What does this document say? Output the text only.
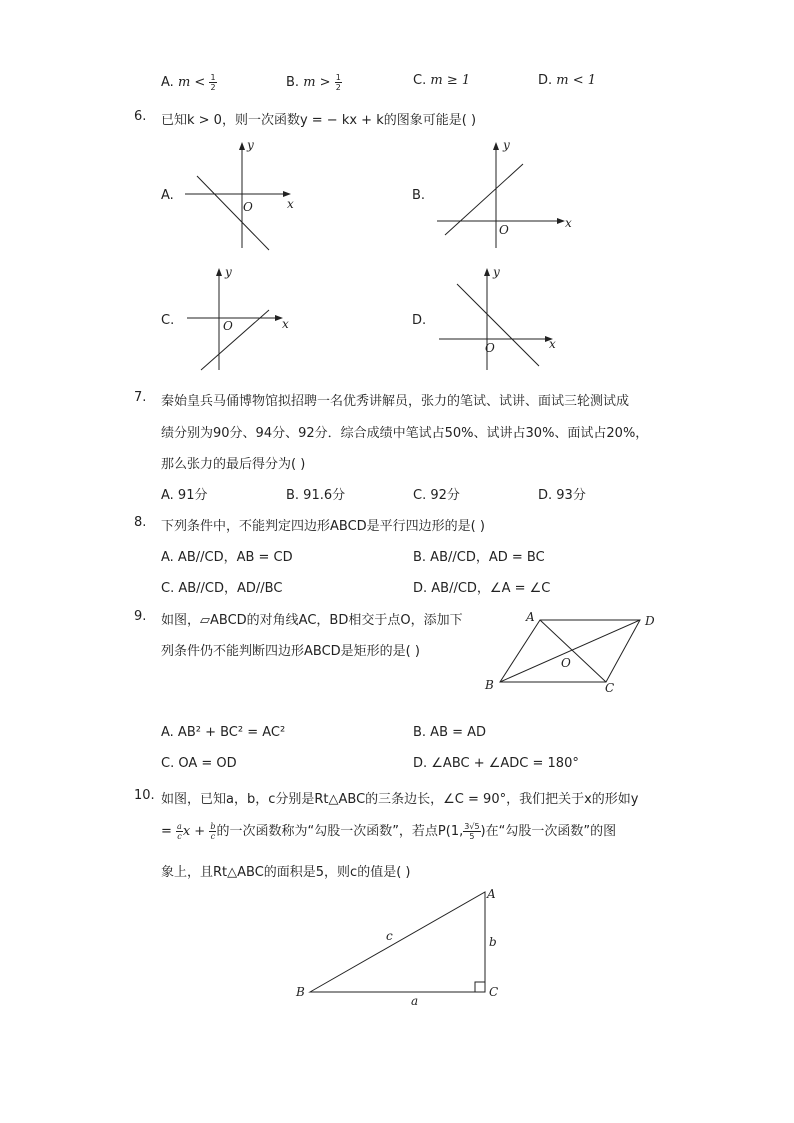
A. $m < \frac{1}{2}$	B. $m > \frac{1}{2}$	C. m ≥ 1	D. m < 1
6. 已知k > 0，则一次函数y = − kx + k的图象可能是( )
A.
y
x
O
B.
y
x
O
C.
y
x
O	D.
y
x
O
7. 秦始皇兵马俑博物馆拟招聘一名优秀讲解员，张力的笔试、试讲、面试三轮测试成
绩分别为90分、94分、92分．综合成绩中笔试占50%、试讲占30%、面试占20%，
那么张力的最后得分为( )
A. 91分	B. 91.6分	C. 92分	D. 93分
8. 下列条件中，不能判定四边形ABCD是平行四边形的是( )
A. AB//CD，AB = CD	B. AB//CD，AD = BC
C. AB//CD，AD//BC	D. AB//CD，∠A = ∠C
9. 如图，▱ABCD的对角线AC，BD相交于点O，添加下
列条件仍不能判断四边形ABCD是矩形的是( )
A	D
B	C
O
A. AB² + BC² = AC²	B. AB = AD
C. OA = OD	D. ∠ABC + ∠ADC = 180°
10. 如图，已知a，b，c分别是Rt△ABC的三条边长，∠C = 90°，我们把关于x的形如y
= $\frac{a}{c}$ $x + \frac{b}{c}$ 的一次函数称为“勾股一次函数”，若点P(1, $\frac{3√5}{5}$ )在“勾股一次函数”的图
象上，且Rt△ABC的面积是5，则c的值是( )
B
A
C
a
b
c
